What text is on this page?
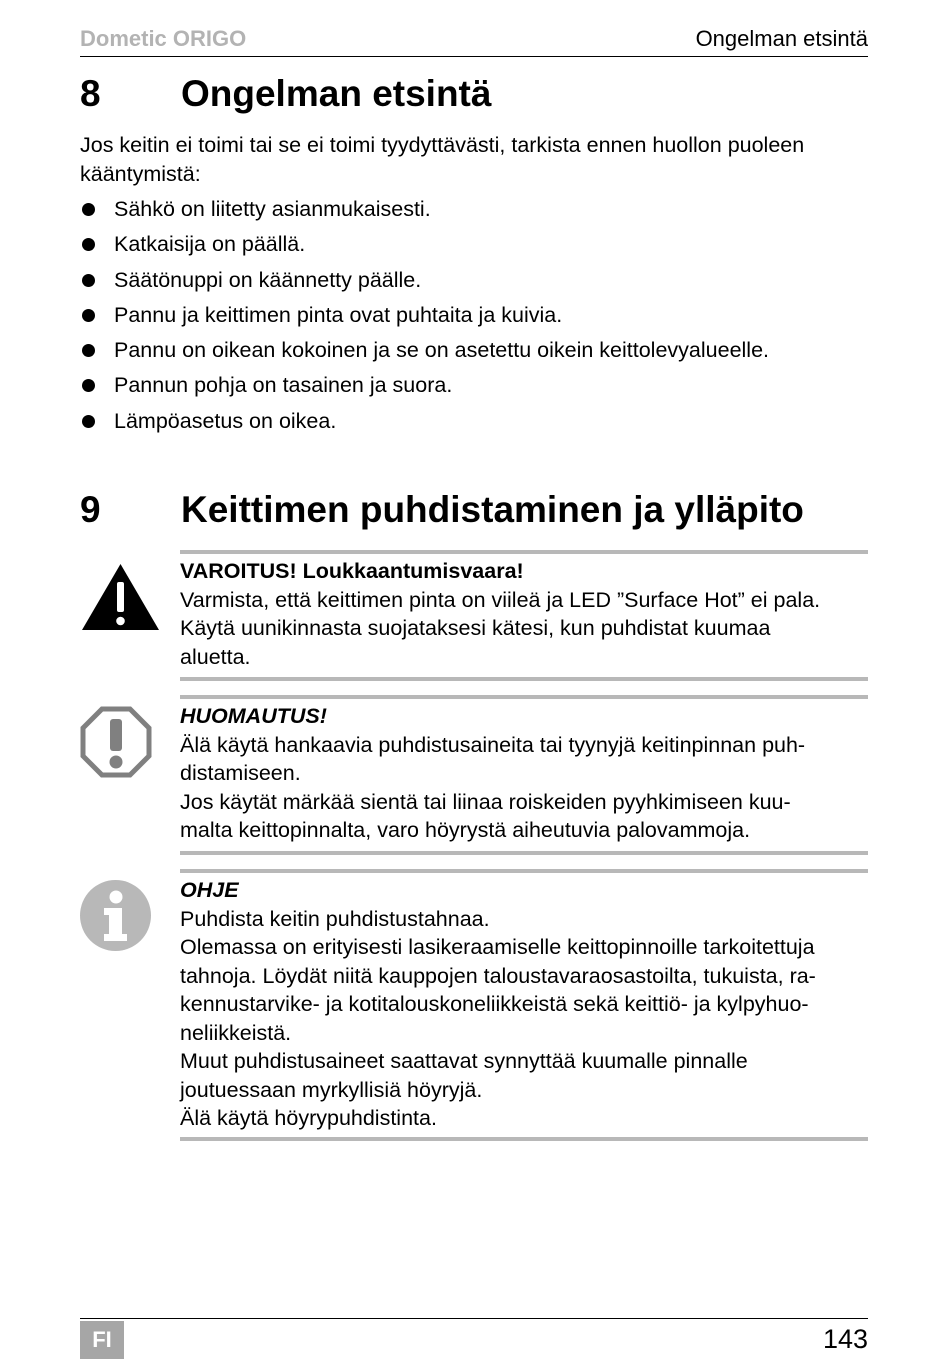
Dometic ORIGO	Ongelman etsintä
8 Ongelman etsintä
Jos keitin ei toimi tai se ei toimi tyydyttävästi, tarkista ennen huollon puoleen
kääntymistä:
Sähkö on liitetty asianmukaisesti.
Katkaisija on päällä.
Säätönuppi on käännetty päälle.
Pannu ja keittimen pinta ovat puhtaita ja kuivia.
Pannu on oikean kokoinen ja se on asetettu oikein keittolevyalueelle.
Pannun pohja on tasainen ja suora.
Lämpöasetus on oikea.
9 Keittimen puhdistaminen ja ylläpito
VAROITUS! Loukkaantumisvaara!
Varmista, että keittimen pinta on viileä ja LED ”Surface Hot” ei pala.
Käytä uunikinnasta suojataksesi kätesi, kun puhdistat kuumaa
aluetta.
HUOMAUTUS!
Älä käytä hankaavia puhdistusaineita tai tyynyjä keitinpinnan puh-
distamiseen.
Jos käytät märkää sientä tai liinaa roiskeiden pyyhkimiseen kuu-
malta keittopinnalta, varo höyrystä aiheutuvia palovammoja.
OHJE
Puhdista keitin puhdistustahnaa.
Olemassa on erityisesti lasikeraamiselle keittopinnoille tarkoitettuja
tahnoja. Löydät niitä kauppojen taloustavaraosastoilta, tukuista, ra-
kennustarvike- ja kotitalouskoneliikkeistä sekä keittiö- ja kylpyhuo-
neliikkeistä.
Muut puhdistusaineet saattavat synnyttää kuumalle pinnalle
joutuessaan myrkyllisiä höyryjä.
Älä käytä höyrypuhdistinta.
FI	143
